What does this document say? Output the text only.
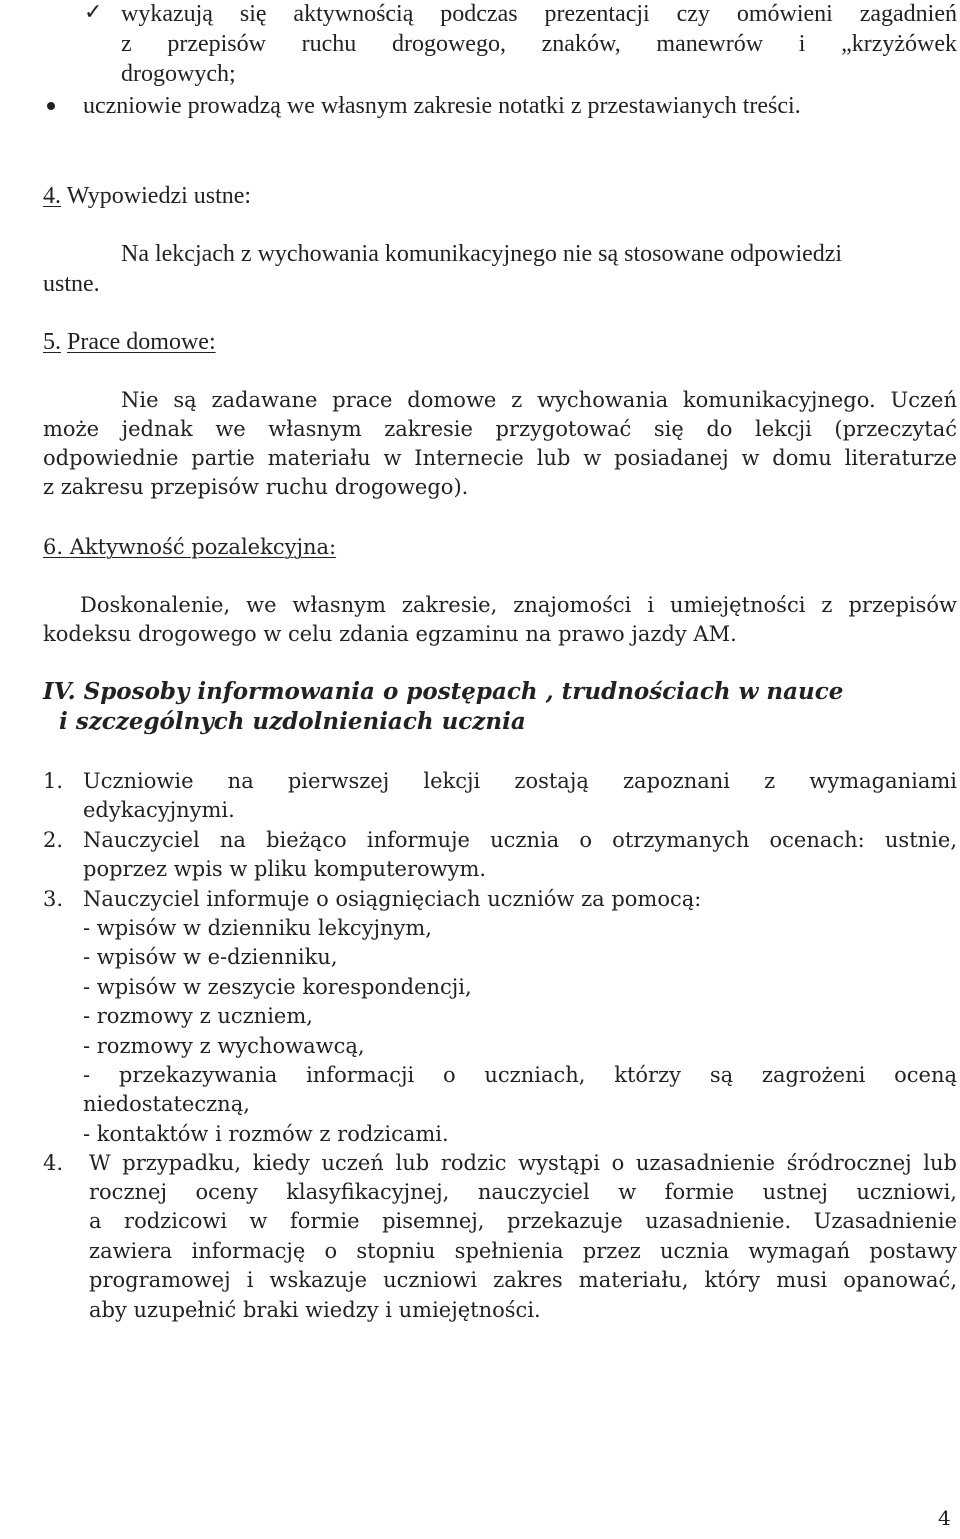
✓ wykazują się aktywnością podczas prezentacji czy omówieni zagadnień
z przepisów ruchu drogowego, znaków, manewrów i „krzyżówek
drogowych;
uczniowie prowadzą we własnym zakresie notatki z przestawianych treści.
4. Wypowiedzi ustne:
Na lekcjach z wychowania komunikacyjnego nie są stosowane odpowiedzi
ustne.
5. Prace domowe:
Nie są zadawane prace domowe z wychowania komunikacyjnego. Uczeń
może jednak we własnym zakresie przygotować się do lekcji (przeczytać
odpowiednie partie materiału w Internecie lub w posiadanej w domu literaturze
z zakresu przepisów ruchu drogowego).
6. Aktywność pozalekcyjna:
Doskonalenie, we własnym zakresie, znajomości i umiejętności z przepisów
kodeksu drogowego w celu zdania egzaminu na prawo jazdy AM.
IV. Sposoby informowania o postępach , trudnościach w nauce
i szczególnych uzdolnieniach ucznia
1. Uczniowie na pierwszej lekcji zostają zapoznani z wymaganiami
edykacyjnymi.
2. Nauczyciel na bieżąco informuje ucznia o otrzymanych ocenach: ustnie,
poprzez wpis w pliku komputerowym.
3. Nauczyciel informuje o osiągnięciach uczniów za pomocą:
- wpisów w dzienniku lekcyjnym,
- wpisów w e-dzienniku,
- wpisów w zeszycie korespondencji,
- rozmowy z uczniem,
- rozmowy z wychowawcą,
- przekazywania informacji o uczniach, którzy są zagrożeni oceną
niedostateczną,
- kontaktów i rozmów z rodzicami.
4. W przypadku, kiedy uczeń lub rodzic wystąpi o uzasadnienie śródrocznej lub
rocznej oceny klasyfikacyjnej, nauczyciel w formie ustnej uczniowi,
a rodzicowi w formie pisemnej, przekazuje uzasadnienie. Uzasadnienie
zawiera informację o stopniu spełnienia przez ucznia wymagań postawy
programowej i wskazuje uczniowi zakres materiału, który musi opanować,
aby uzupełnić braki wiedzy i umiejętności.
4
